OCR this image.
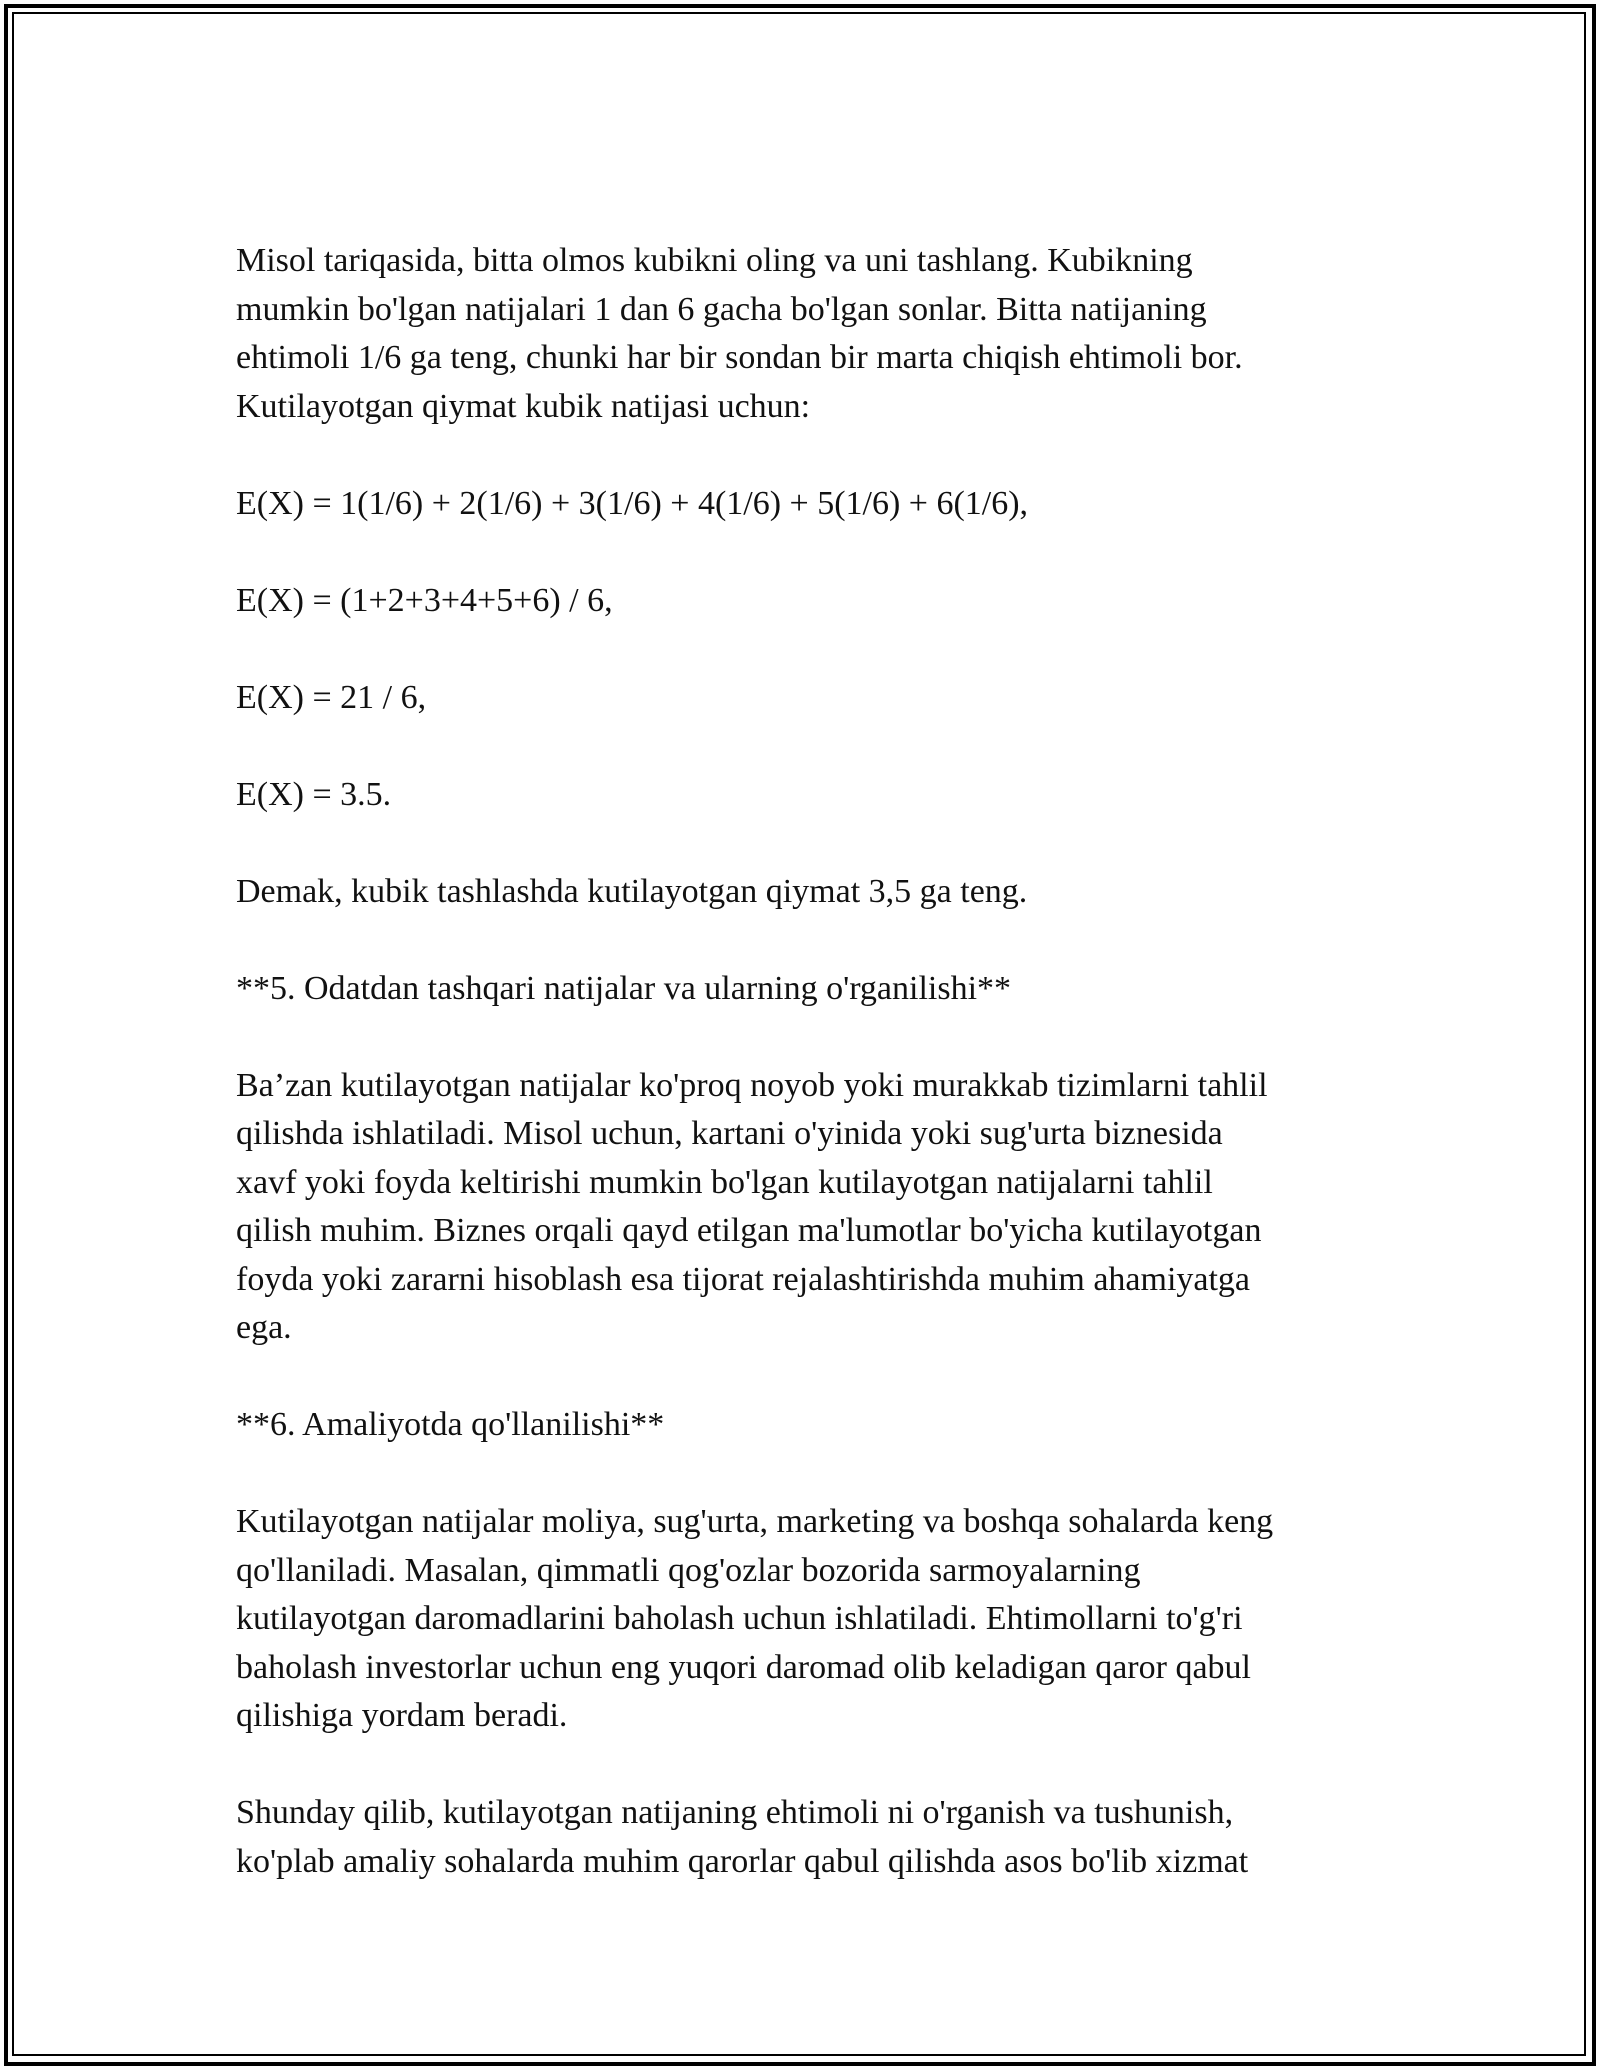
Misol tariqasida, bitta olmos kubikni oling va uni tashlang. Kubikning
mumkin bo'lgan natijalari 1 dan 6 gacha bo'lgan sonlar. Bitta natijaning
ehtimoli 1/6 ga teng, chunki har bir sondan bir marta chiqish ehtimoli bor.
Kutilayotgan qiymat kubik natijasi uchun:
E(X) = 1(1/6) + 2(1/6) + 3(1/6) + 4(1/6) + 5(1/6) + 6(1/6),
E(X) = (1+2+3+4+5+6) / 6,
E(X) = 21 / 6,
E(X) = 3.5.
Demak, kubik tashlashda kutilayotgan qiymat 3,5 ga teng.
**5. Odatdan tashqari natijalar va ularning o'rganilishi**
Ba’zan kutilayotgan natijalar ko'proq noyob yoki murakkab tizimlarni tahlil
qilishda ishlatiladi. Misol uchun, kartani o'yinida yoki sug'urta biznesida
xavf yoki foyda keltirishi mumkin bo'lgan kutilayotgan natijalarni tahlil
qilish muhim. Biznes orqali qayd etilgan ma'lumotlar bo'yicha kutilayotgan
foyda yoki zararni hisoblash esa tijorat rejalashtirishda muhim ahamiyatga
ega.
**6. Amaliyotda qo'llanilishi**
Kutilayotgan natijalar moliya, sug'urta, marketing va boshqa sohalarda keng
qo'llaniladi. Masalan, qimmatli qog'ozlar bozorida sarmoyalarning
kutilayotgan daromadlarini baholash uchun ishlatiladi. Ehtimollarni to'g'ri
baholash investorlar uchun eng yuqori daromad olib keladigan qaror qabul
qilishiga yordam beradi.
Shunday qilib, kutilayotgan natijaning ehtimoli ni o'rganish va tushunish,
ko'plab amaliy sohalarda muhim qarorlar qabul qilishda asos bo'lib xizmat
